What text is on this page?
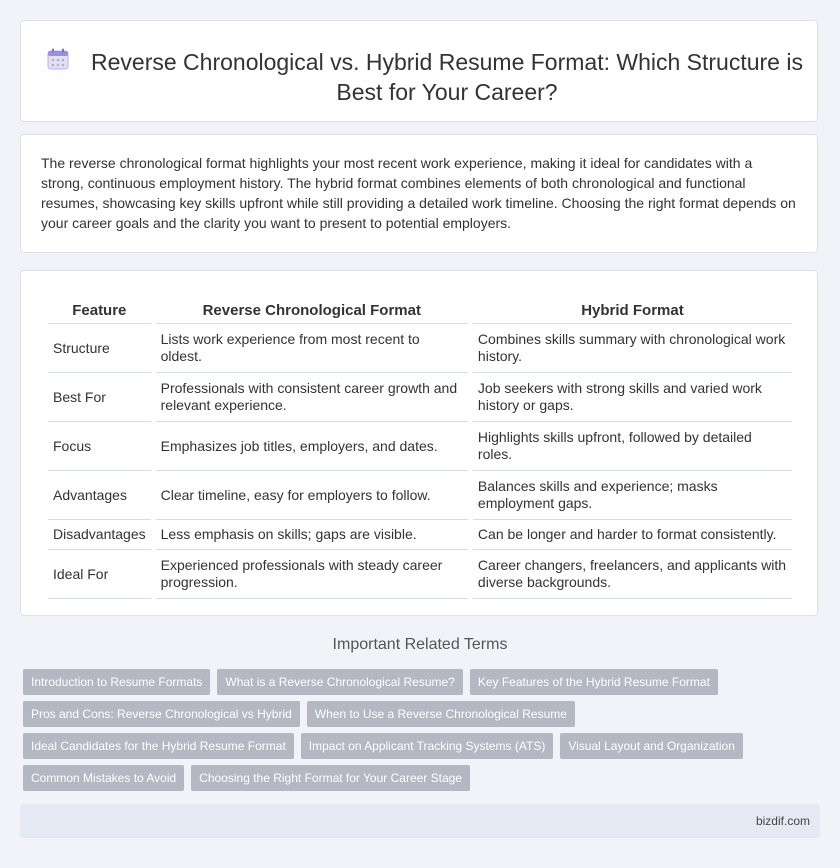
Reverse Chronological vs. Hybrid Resume Format: Which Structure is Best for Your Career?

The reverse chronological format highlights your most recent work experience, making it ideal for candidates with a strong, continuous employment history. The hybrid format combines elements of both chronological and functional resumes, showcasing key skills upfront while still providing a detailed work timeline. Choosing the right format depends on your career goals and the clarity you want to present to potential employers.

Feature	Reverse Chronological Format	Hybrid Format
Structure	Lists work experience from most recent to oldest.	Combines skills summary with chronological work history.
Best For	Professionals with consistent career growth and relevant experience.	Job seekers with strong skills and varied work history or gaps.
Focus	Emphasizes job titles, employers, and dates.	Highlights skills upfront, followed by detailed roles.
Advantages	Clear timeline, easy for employers to follow.	Balances skills and experience; masks employment gaps.
Disadvantages	Less emphasis on skills; gaps are visible.	Can be longer and harder to format consistently.
Ideal For	Experienced professionals with steady career progression.	Career changers, freelancers, and applicants with diverse backgrounds.
Important Related Terms
Introduction to Resume Formats	What is a Reverse Chronological Resume?	Key Features of the Hybrid Resume Format
Pros and Cons: Reverse Chronological vs Hybrid	When to Use a Reverse Chronological Resume
Ideal Candidates for the Hybrid Resume Format	Impact on Applicant Tracking Systems (ATS)	Visual Layout and Organization
Common Mistakes to Avoid	Choosing the Right Format for Your Career Stage
bizdif.com
